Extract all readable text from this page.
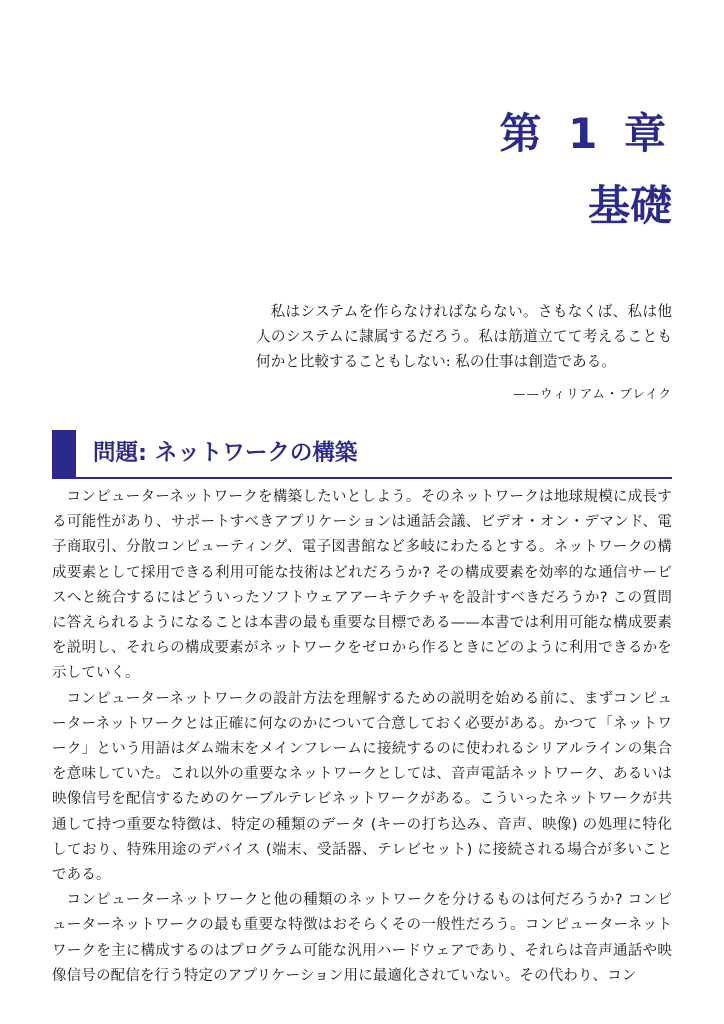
第 1 章
基礎
私はシステムを作らなければならない。さもなくば、私は他人のシステムに隷属するだろう。私は筋道立てて考えることも何かと比較することもしない: 私の仕事は創造である。
——ウィリアム・ブレイク
問題: ネットワークの構築

コンピューターネットワークを構築したいとしよう。そのネットワークは地球規模に成長する可能性があり、サポートすべきアプリケーションは通話会議、ビデオ・オン・デマンド、電子商取引、分散コンピューティング、電子図書館など多岐にわたるとする。ネットワークの構成要素として採用できる利用可能な技術はどれだろうか? その構成要素を効率的な通信サービスへと統合するにはどういったソフトウェアアーキテクチャを設計すべきだろうか? この質問に答えられるようになることは本書の最も重要な目標である——本書では利用可能な構成要素を説明し、それらの構成要素がネットワークをゼロから作るときにどのように利用できるかを示していく。

コンピューターネットワークの設計方法を理解するための説明を始める前に、まずコンピューターネットワークとは正確に何なのかについて合意しておく必要がある。かつて「ネットワーク」という用語はダム端末をメインフレームに接続するのに使われるシリアルラインの集合を意味していた。これ以外の重要なネットワークとしては、音声電話ネットワーク、あるいは映像信号を配信するためのケーブルテレビネットワークがある。こういったネットワークが共通して持つ重要な特徴は、特定の種類のデータ (キーの打ち込み、音声、映像) の処理に特化しており、特殊用途のデバイス (端末、受話器、テレビセット) に接続される場合が多いことである。

コンピューターネットワークと他の種類のネットワークを分けるものは何だろうか? コンピューターネットワークの最も重要な特徴はおそらくその一般性だろう。コンピューターネットワークを主に構成するのはプログラム可能な汎用ハードウェアであり、それらは音声通話や映像信号の配信を行う特定のアプリケーション用に最適化されていない。その代わり、コン
